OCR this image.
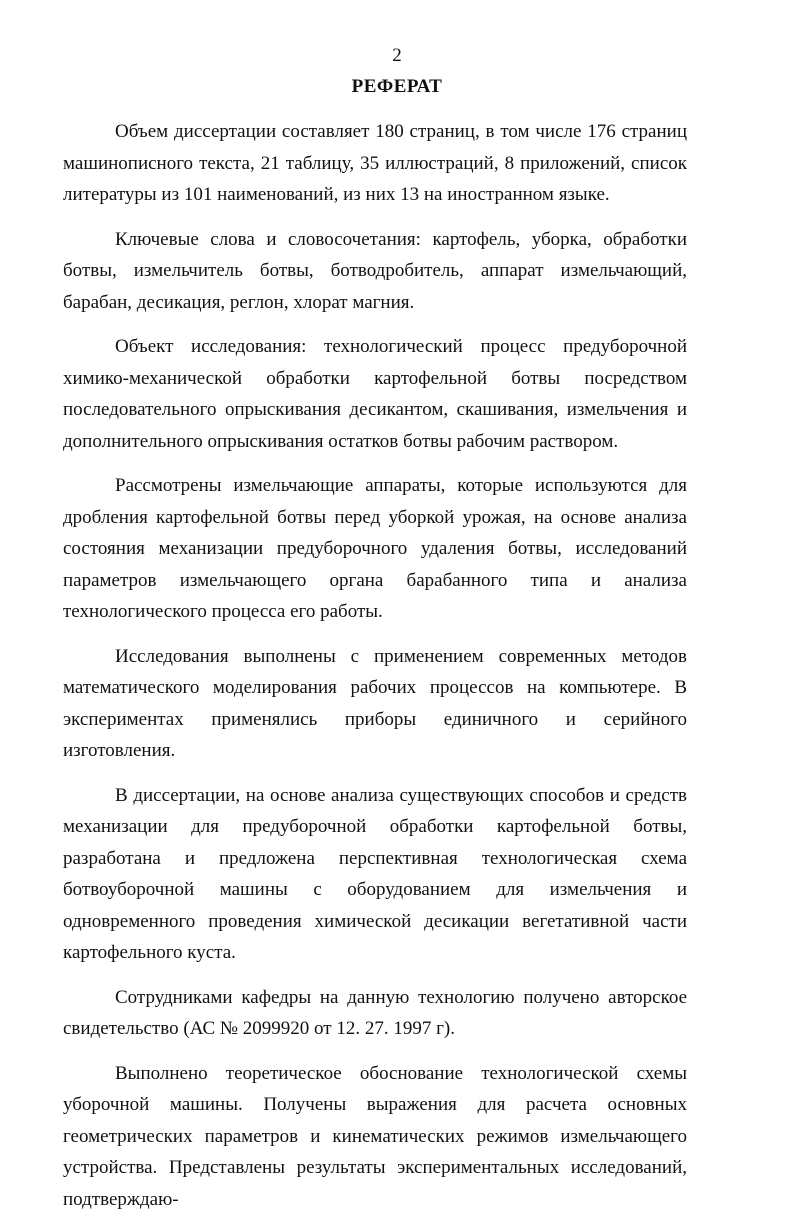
2
РЕФЕРАТ

Объем диссертации составляет 180 страниц, в том числе 176 страниц машинописного текста, 21 таблицу, 35 иллюстраций, 8 приложений, список литературы из 101 наименований, из них 13 на иностранном языке.

Ключевые слова и словосочетания: картофель, уборка, обработки ботвы, измельчитель ботвы, ботводробитель, аппарат измельчающий, барабан, десикация, реглон, хлорат магния.

Объект исследования: технологический процесс предуборочной химико-механической обработки картофельной ботвы посредством последовательного опрыскивания десикантом, скашивания, измельчения и дополнительного опрыскивания остатков ботвы рабочим раствором.

Рассмотрены измельчающие аппараты, которые используются для дробления картофельной ботвы перед уборкой урожая, на основе анализа состояния механизации предуборочного удаления ботвы, исследований параметров измельчающего органа барабанного типа и анализа технологического процесса его работы.

Исследования выполнены с применением современных методов математического моделирования рабочих процессов на компьютере. В экспериментах применялись приборы единичного и серийного изготовления.

В диссертации, на основе анализа существующих способов и средств механизации для предуборочной обработки картофельной ботвы, разработана и предложена перспективная технологическая схема ботвоуборочной машины с оборудованием для измельчения и одновременного проведения химической десикации вегетативной части картофельного куста.

Сотрудниками кафедры на данную технологию получено авторское свидетельство (АС № 2099920 от 12. 27. 1997 г).

Выполнено теоретическое обоснование технологической схемы уборочной машины. Получены выражения для расчета основных геометрических параметров и кинематических режимов измельчающего устройства. Представлены результаты экспериментальных исследований, подтверждаю-
